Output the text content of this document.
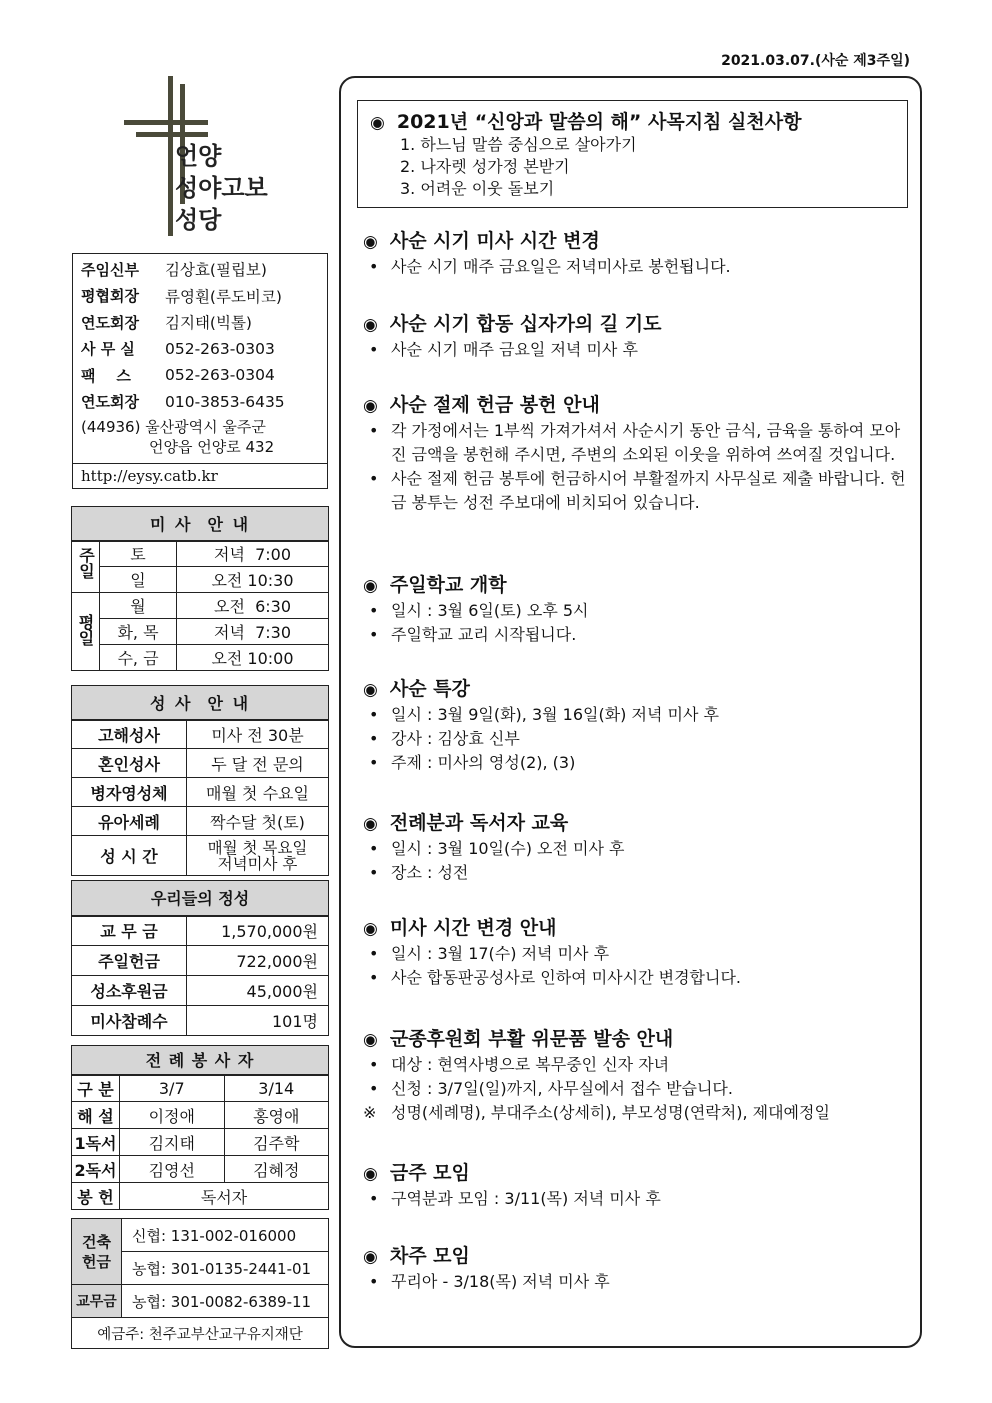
2021.03.07.(사순 제3주일)
언양
성야고보
성당
주임신부	김상효(필립보)
평협회장	류영훤(루도비코)
연도회장	김지태(빅톨)
사 무 실	052-263-0303
팩    스	052-263-0304
연도회장	010-3853-6435
(44936) 울산광역시 울주군
언양읍 언양로 432
http://eysy.catb.kr
미 사  안 내		
주일	토	저녁  7:00
	일	오전 10:30
평일	월	오전  6:30
	화, 목	저녁  7:30
	수, 금	오전 10:00
성 사  안 내	
고해성사	미사 전 30분
혼인성사	두 달 전 문의
병자영성체	매월 첫 수요일
유아세례	짝수달 첫(토)
성 시 간	매월 첫 목요일 저녁미사 후
우리들의 정성	
교 무 금	1,570,000원
주일헌금	722,000원
성소후원금	45,000원
미사참례수	101명
전 례 봉 사 자		
구 분	3/7	3/14
해 설	이정애	홍영애
1독서	김지태	김주학
2독서	김영선	김혜정
봉 헌	독서자	
건축헌금
신협: 131-002-016000
농협: 301-0135-2441-01
교무금	농협: 301-0082-6389-11
예금주: 천주교부산교구유지재단
◉ 2021년 “신앙과 말씀의 해” 사목지침 실천사항
1. 하느님 말씀 중심으로 살아가기
2. 나자렛 성가정 본받기
3. 어려운 이웃 돌보기
◉ 사순 시기 미사 시간 변경
• 사순 시기 매주 금요일은 저녁미사로 봉헌됩니다.
◉ 사순 시기 합동 십자가의 길 기도
• 사순 시기 매주 금요일 저녁 미사 후
◉ 사순 절제 헌금 봉헌 안내
• 각 가정에서는 1부씩 가져가셔서 사순시기 동안 금식, 금육을 통하여 모아진 금액을 봉헌해 주시면, 주변의 소외된 이웃을 위하여 쓰여질 것입니다.
• 사순 절제 헌금 봉투에 헌금하시어 부활절까지 사무실로 제출 바랍니다. 헌금 봉투는 성전 주보대에 비치되어 있습니다.
◉ 주일학교 개학
• 일시 : 3월 6일(토) 오후 5시
• 주일학교 교리 시작됩니다.
◉ 사순 특강
• 일시 : 3월 9일(화), 3월 16일(화) 저녁 미사 후
• 강사 : 김상효 신부
• 주제 : 미사의 영성(2), (3)
◉ 전례분과 독서자 교육
• 일시 : 3월 10일(수) 오전 미사 후
• 장소 : 성전
◉ 미사 시간 변경 안내
• 일시 : 3월 17(수) 저녁 미사 후
• 사순 합동판공성사로 인하여 미사시간 변경합니다.
◉ 군종후원회 부활 위문품 발송 안내
• 대상 : 현역사병으로 복무중인 신자 자녀
• 신청 : 3/7일(일)까지, 사무실에서 접수 받습니다.
※ 성명(세례명), 부대주소(상세히), 부모성명(연락처), 제대예정일
◉ 금주 모임
• 구역분과 모임 : 3/11(목) 저녁 미사 후
◉ 차주 모임
• 꾸리아 - 3/18(목) 저녁 미사 후
